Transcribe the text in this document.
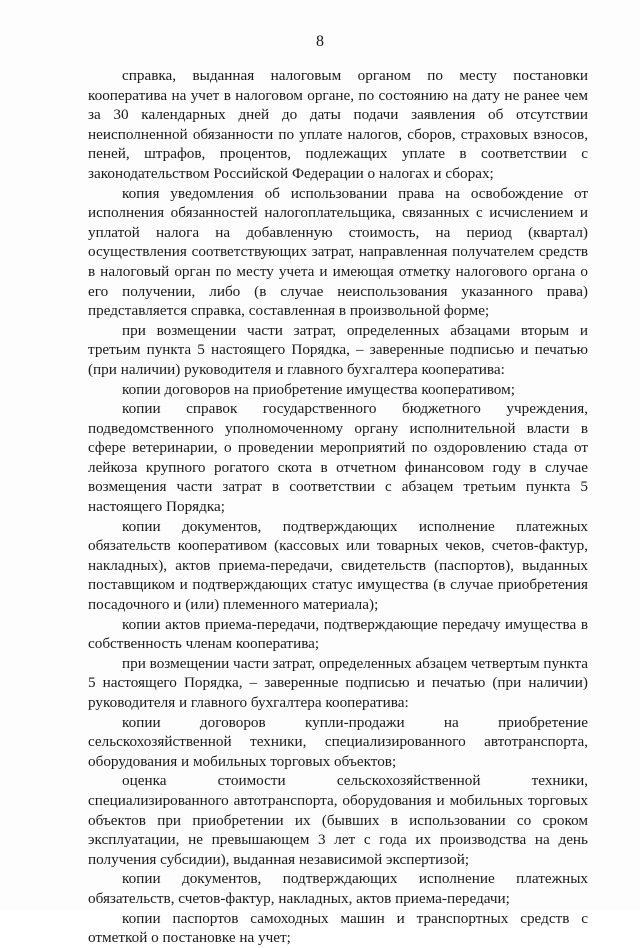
8

справка, выданная налоговым органом по месту постановки кооператива на учет в налоговом органе, по состоянию на дату не ранее чем за 30 календарных дней до даты подачи заявления об отсутствии неисполненной обязанности по уплате налогов, сборов, страховых взносов, пеней, штрафов, процентов, подлежащих уплате в соответствии с законодательством Российской Федерации о налогах и сборах;

копия уведомления об использовании права на освобождение от исполнения обязанностей налогоплательщика, связанных с исчислением и уплатой налога на добавленную стоимость, на период (квартал) осуществления соответствующих затрат, направленная получателем средств в налоговый орган по месту учета и имеющая отметку налогового органа о его получении, либо (в случае неиспользования указанного права) представляется справка, составленная в произвольной форме;

при возмещении части затрат, определенных абзацами вторым и третьим пункта 5 настоящего Порядка, – заверенные подписью и печатью (при наличии) руководителя и главного бухгалтера кооператива:

копии договоров на приобретение имущества кооперативом;

копии справок государственного бюджетного учреждения, подведомственного уполномоченному органу исполнительной власти в сфере ветеринарии, о проведении мероприятий по оздоровлению стада от лейкоза крупного рогатого скота в отчетном финансовом году в случае возмещения части затрат в соответствии с абзацем третьим пункта 5 настоящего Порядка;

копии документов, подтверждающих исполнение платежных обязательств кооперативом (кассовых или товарных чеков, счетов-фактур, накладных), актов приема-передачи, свидетельств (паспортов), выданных поставщиком и подтверждающих статус имущества (в случае приобретения посадочного и (или) племенного материала);

копии актов приема-передачи, подтверждающие передачу имущества в собственность членам кооператива;

при возмещении части затрат, определенных абзацем четвертым пункта 5 настоящего Порядка, – заверенные подписью и печатью (при наличии) руководителя и главного бухгалтера кооператива:

копии договоров купли-продажи на приобретение сельскохозяйственной техники, специализированного автотранспорта, оборудования и мобильных торговых объектов;

оценка стоимости сельскохозяйственной техники, специализированного автотранспорта, оборудования и мобильных торговых объектов при приобретении их (бывших в использовании со сроком эксплуатации, не превышающем 3 лет с года их производства на день получения субсидии), выданная независимой экспертизой;

копии документов, подтверждающих исполнение платежных обязательств, счетов-фактур, накладных, актов приема-передачи;

копии паспортов самоходных машин и транспортных средств с отметкой о постановке на учет;
